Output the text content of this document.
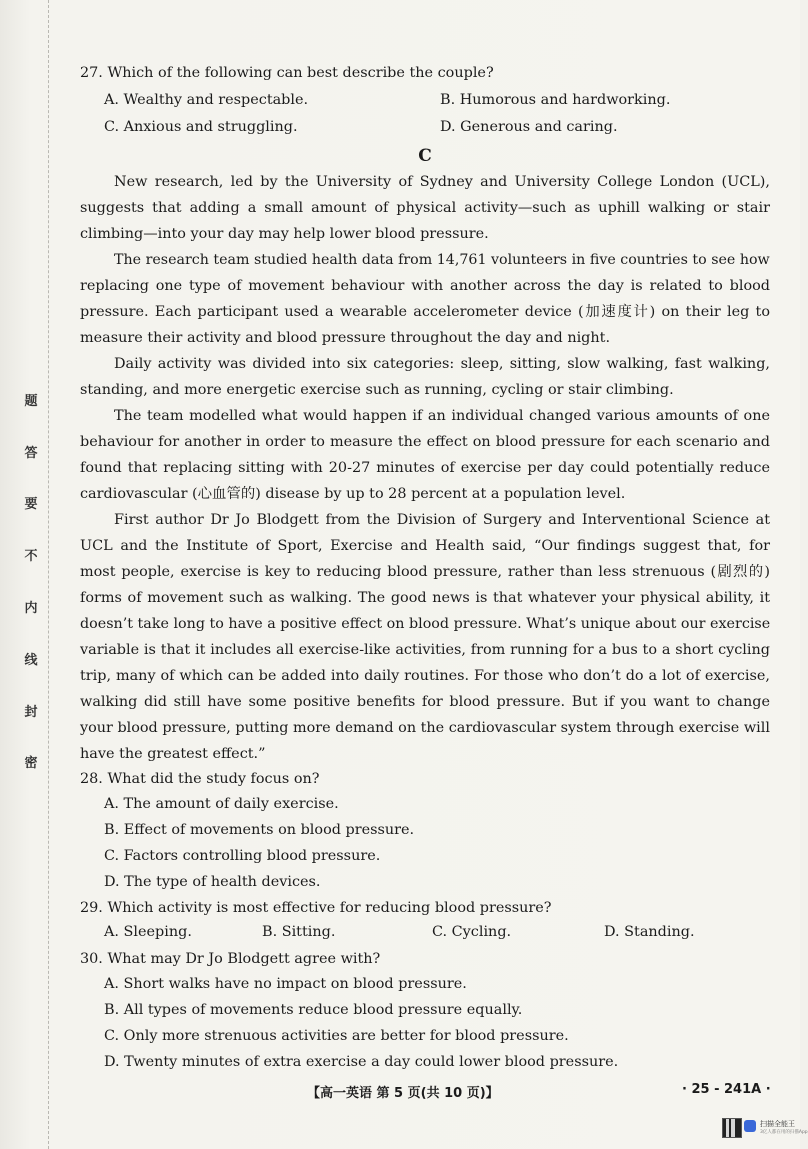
题
答
要
不
内
线
封
密
27. Which of the following can best describe the couple?
A. Wealthy and respectable.	B. Humorous and hardworking.
C. Anxious and struggling.	D. Generous and caring.
C
New research, led by the University of Sydney and University College London (UCL),
suggests that adding a small amount of physical activity—such as uphill walking or stair
climbing—into your day may help lower blood pressure.
The research team studied health data from 14,761 volunteers in five countries to see how
replacing one type of movement behaviour with another across the day is related to blood
pressure. Each participant used a wearable accelerometer device (加速度计) on their leg to
measure their activity and blood pressure throughout the day and night.
Daily activity was divided into six categories: sleep, sitting, slow walking, fast walking,
standing, and more energetic exercise such as running, cycling or stair climbing.
The team modelled what would happen if an individual changed various amounts of one
behaviour for another in order to measure the effect on blood pressure for each scenario and
found that replacing sitting with 20-27 minutes of exercise per day could potentially reduce
cardiovascular (心血管的) disease by up to 28 percent at a population level.
First author Dr Jo Blodgett from the Division of Surgery and Interventional Science at
UCL and the Institute of Sport, Exercise and Health said, “Our findings suggest that, for
most people, exercise is key to reducing blood pressure, rather than less strenuous (剧烈的)
forms of movement such as walking. The good news is that whatever your physical ability, it
doesn’t take long to have a positive effect on blood pressure. What’s unique about our exercise
variable is that it includes all exercise-like activities, from running for a bus to a short cycling
trip, many of which can be added into daily routines. For those who don’t do a lot of exercise,
walking did still have some positive benefits for blood pressure. But if you want to change
your blood pressure, putting more demand on the cardiovascular system through exercise will
have the greatest effect.”
28. What did the study focus on?
A. The amount of daily exercise.
B. Effect of movements on blood pressure.
C. Factors controlling blood pressure.
D. The type of health devices.
29. Which activity is most effective for reducing blood pressure?
A. Sleeping.	B. Sitting.	C. Cycling.	D. Standing.
30. What may Dr Jo Blodgett agree with?
A. Short walks have no impact on blood pressure.
B. All types of movements reduce blood pressure equally.
C. Only more strenuous activities are better for blood pressure.
D. Twenty minutes of extra exercise a day could lower blood pressure.
【高一英语 第 5 页(共 10 页)】	· 25 - 241A ·
扫描全能王
3亿人都在用的扫描App
